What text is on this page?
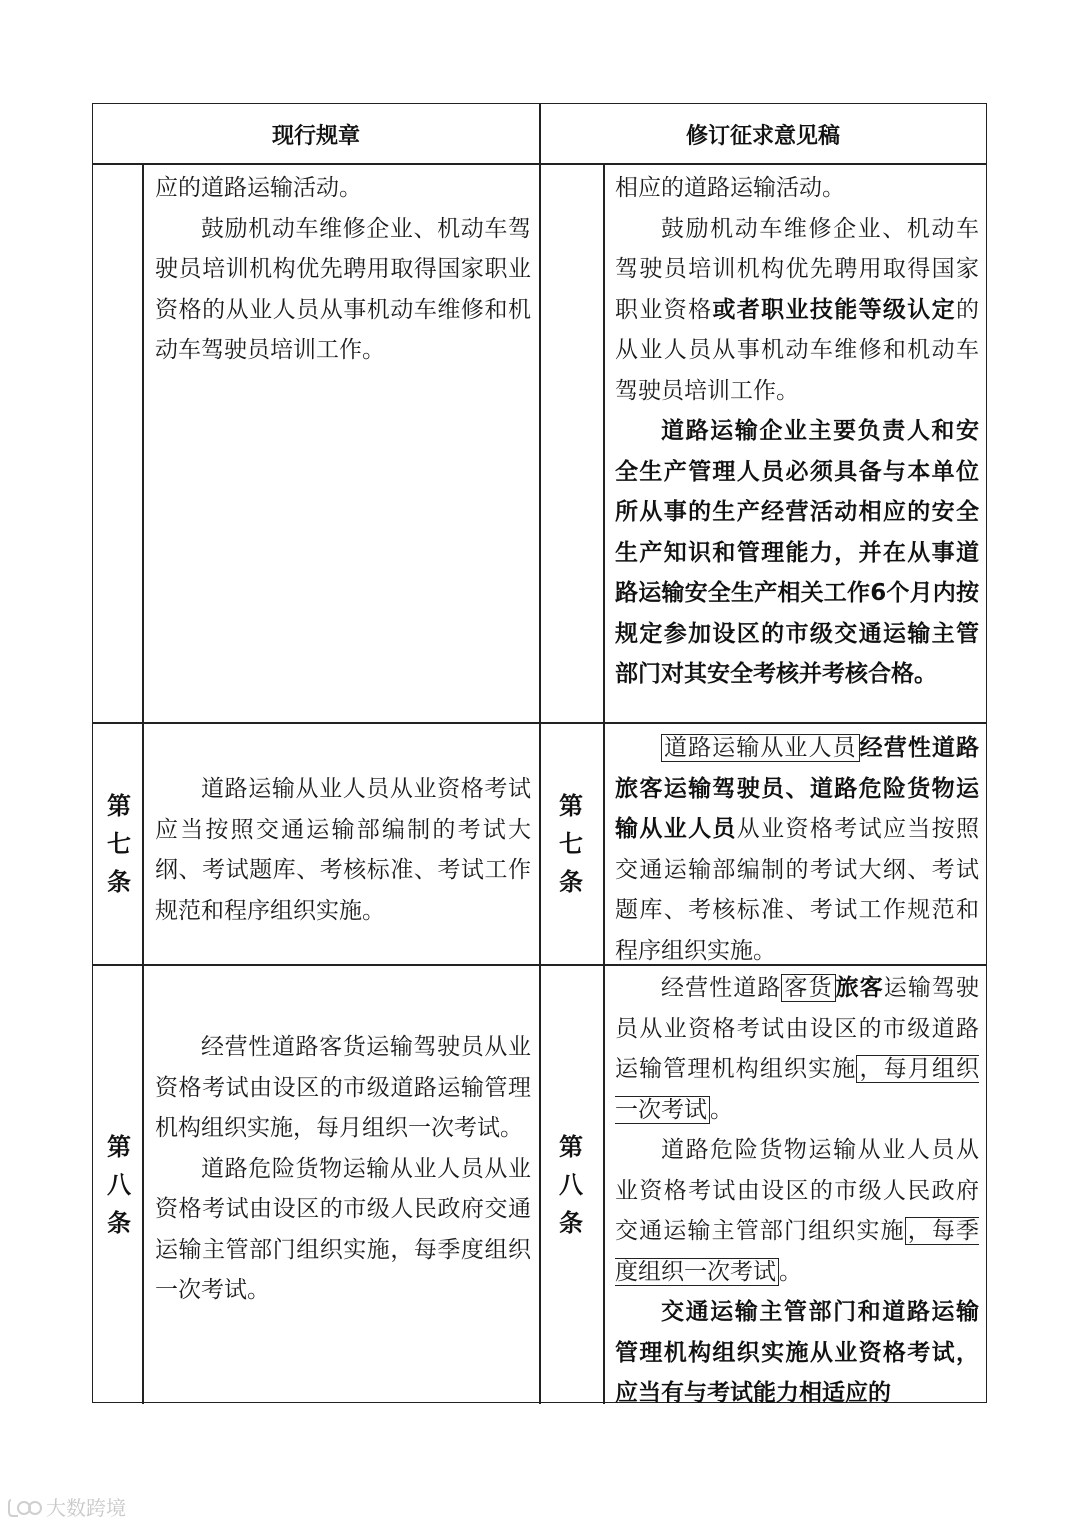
现行规章	修订征求意见稿

应的道路运输活动。

鼓励机动车维修企业、机动车驾驶员培训机构优先聘用取得国家职业资格的从业人员从事机动车维修和机动车驾驶员培训工作。

相应的道路运输活动。

鼓励机动车维修企业、机动车驾驶员培训机构优先聘用取得国家职业资格或者职业技能等级认定的从业人员从事机动车维修和机动车驾驶员培训工作。

道路运输企业主要负责人和安全生产管理人员必须具备与本单位所从事的生产经营活动相应的安全生产知识和管理能力，并在从事道路运输安全生产相关工作6个月内按规定参加设区的市级交通运输主管部门对其安全考核并考核合格。

第
七
条

道路运输从业人员从业资格考试应当按照交通运输部编制的考试大纲、考试题库、考核标准、考试工作规范和程序组织实施。

第
七
条

道路运输从业人员 经营性道路旅客运输驾驶员、道路危险货物运输从业人员从业资格考试应当按照交通运输部编制的考试大纲、考试题库、考核标准、考试工作规范和程序组织实施。

第
八
条

经营性道路客货运输驾驶员从业资格考试由设区的市级道路运输管理机构组织实施，每月组织一次考试。

道路危险货物运输从业人员从业资格考试由设区的市级人民政府交通运输主管部门组织实施，每季度组织一次考试。

第
八
条

经营性道路 客货 旅客运输驾驶员从业资格考试由设区的市级道路运输管理机构组织实施 ，每月组织一次考试 。

道路危险货物运输从业人员从业资格考试由设区的市级人民政府交通运输主管部门组织实施 ，每季度组织一次考试 。

交通运输主管部门和道路运输管理机构组织实施从业资格考试，应当有与考试能力相适应的

大数跨境
